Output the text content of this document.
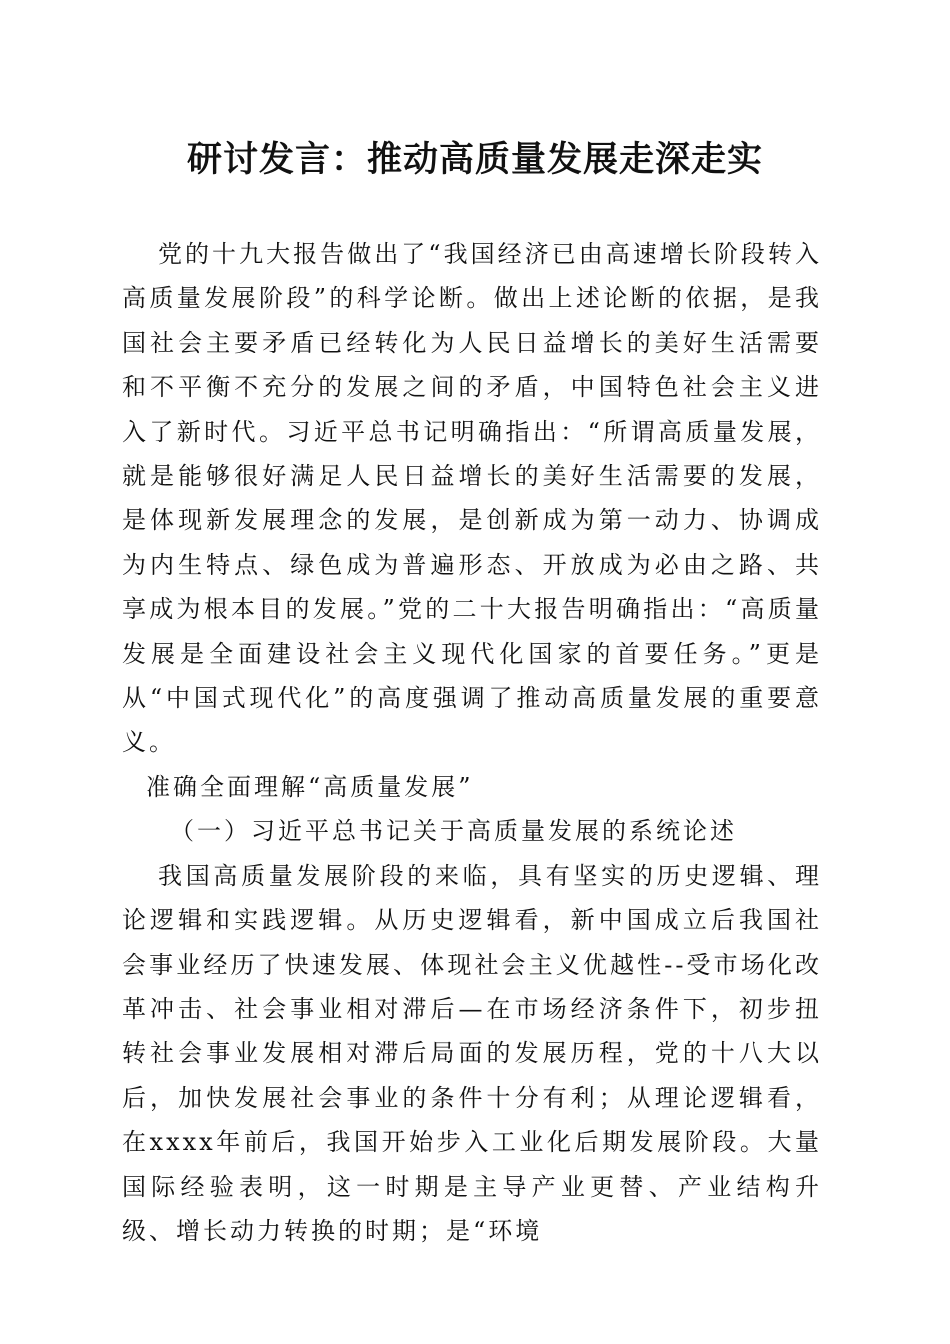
研讨发言：推动高质量发展走深走实

党的十九大报告做出了“我国经济已由高速增长阶段转入高质量发展阶段”的科学论断。做出上述论断的依据，是我国社会主要矛盾已经转化为人民日益增长的美好生活需要和不平衡不充分的发展之间的矛盾，中国特色社会主义进入了新时代。习近平总书记明确指出：“所谓高质量发展，就是能够很好满足人民日益增长的美好生活需要的发展，是体现新发展理念的发展，是创新成为第一动力、协调成为内生特点、绿色成为普遍形态、开放成为必由之路、共享成为根本目的发展。”党的二十大报告明确指出：“高质量发展是全面建设社会主义现代化国家的首要任务。”更是从“中国式现代化”的高度强调了推动高质量发展的重要意义。

准确全面理解“高质量发展”

（一）习近平总书记关于高质量发展的系统论述

我国高质量发展阶段的来临，具有坚实的历史逻辑、理论逻辑和实践逻辑。从历史逻辑看，新中国成立后我国社会事业经历了快速发展、体现社会主义优越性--受市场化改革冲击、社会事业相对滞后—在市场经济条件下，初步扭转社会事业发展相对滞后局面的发展历程，党的十八大以后，加快发展社会事业的条件十分有利；从理论逻辑看，在xxxx年前后，我国开始步入工业化后期发展阶段。大量国际经验表明，这一时期是主导产业更替、产业结构升级、增长动力转换的时期；是“环境
